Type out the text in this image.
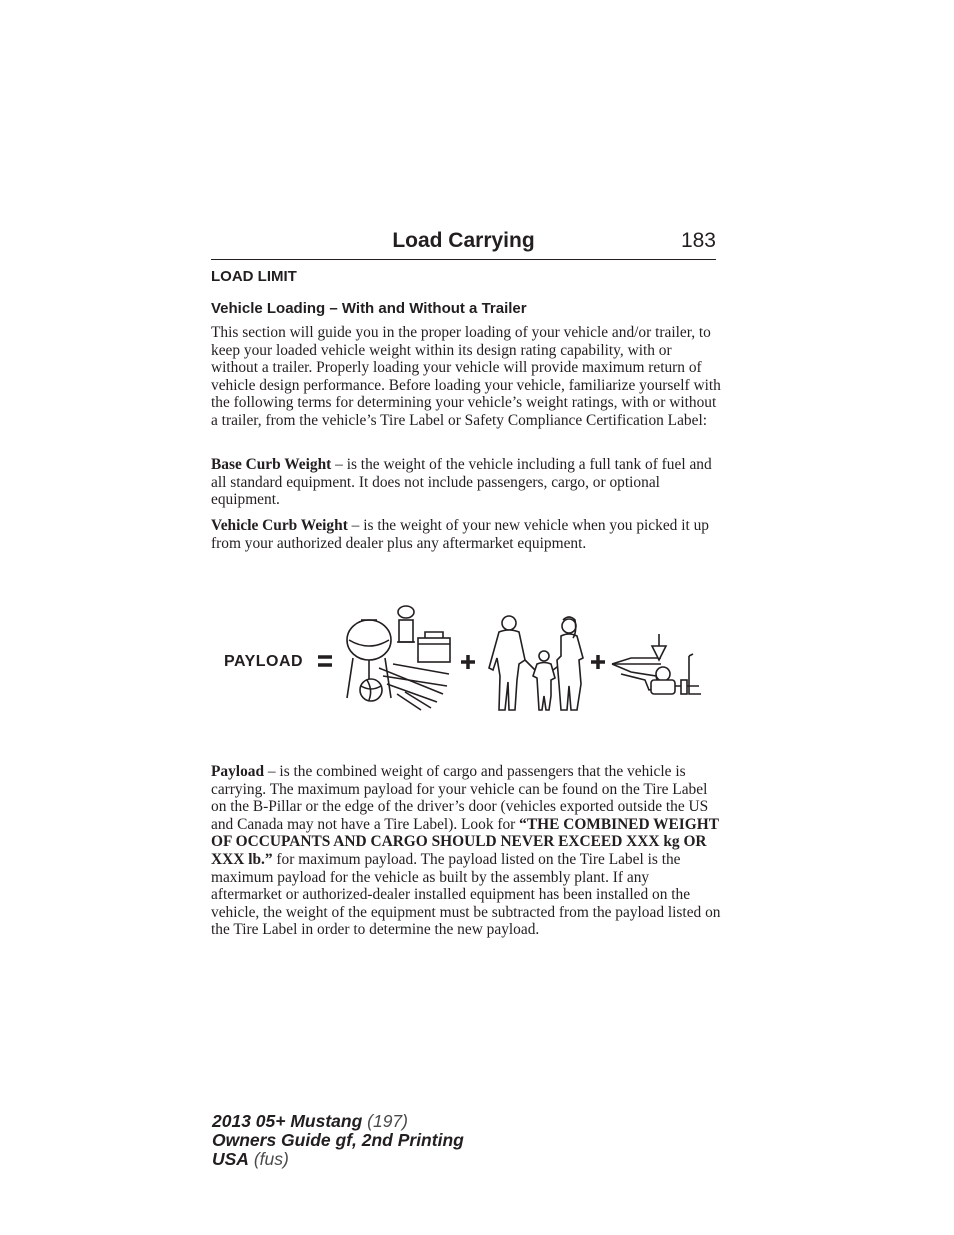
Load Carrying	183
LOAD LIMIT
Vehicle Loading – With and Without a Trailer
This section will guide you in the proper loading of your vehicle and/or trailer, to keep your loaded vehicle weight within its design rating capability, with or without a trailer. Properly loading your vehicle will provide maximum return of vehicle design performance. Before loading your vehicle, familiarize yourself with the following terms for determining your vehicle’s weight ratings, with or without a trailer, from the vehicle’s Tire Label or Safety Compliance Certification Label:
Base Curb Weight – is the weight of the vehicle including a full tank of fuel and all standard equipment. It does not include passengers, cargo, or optional equipment.
Vehicle Curb Weight – is the weight of your new vehicle when you picked it up from your authorized dealer plus any aftermarket equipment.
PAYLOAD
Payload – is the combined weight of cargo and passengers that the vehicle is carrying. The maximum payload for your vehicle can be found on the Tire Label on the B-Pillar or the edge of the driver’s door (vehicles exported outside the US and Canada may not have a Tire Label). Look for “THE COMBINED WEIGHT OF OCCUPANTS AND CARGO SHOULD NEVER EXCEED XXX kg OR XXX lb.” for maximum payload. The payload listed on the Tire Label is the maximum payload for the vehicle as built by the assembly plant. If any aftermarket or authorized-dealer installed equipment has been installed on the vehicle, the weight of the equipment must be subtracted from the payload listed on the Tire Label in order to determine the new payload.
2013 05+ Mustang (197)
Owners Guide gf, 2nd Printing
USA (fus)
